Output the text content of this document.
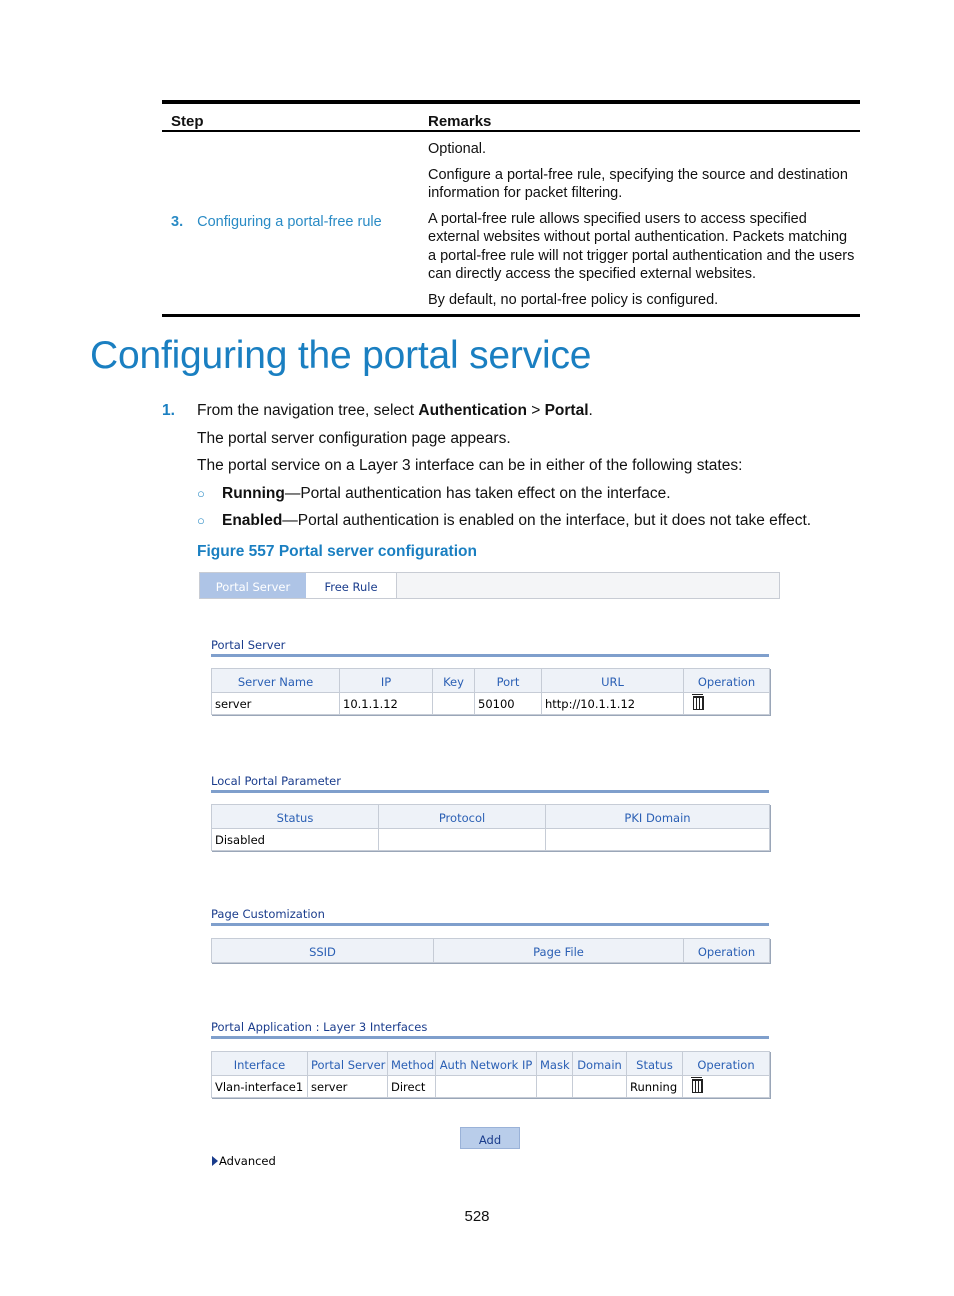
Step	Remarks
3. Configuring a portal-free rule

Optional.

Configure a portal-free rule, specifying the source and destination information for packet filtering.

A portal-free rule allows specified users to access specified external websites without portal authentication. Packets matching a portal-free rule will not trigger portal authentication and the users can directly access the specified external websites.

By default, no portal-free policy is configured.

Configuring the portal service
1. From the navigation tree, select Authentication > Portal.
The portal server configuration page appears.
The portal service on a Layer 3 interface can be in either of the following states:
○ Running—Portal authentication has taken effect on the interface.
○ Enabled—Portal authentication is enabled on the interface, but it does not take effect.
Figure 557 Portal server configuration
Portal Server	Free Rule
Portal Server
Server Name	IP	Key	Port	URL	Operation
server	10.1.1.12		50100	http://10.1.1.12	
Local Portal Parameter
Status	Protocol	PKI Domain
Disabled		
Page Customization
SSID	Page File	Operation
Portal Application : Layer 3 Interfaces
Interface	Portal Server	Method	Auth Network IP	Mask	Domain	Status	Operation
Vlan-interface1	server	Direct				Running	
Add
Advanced
528
